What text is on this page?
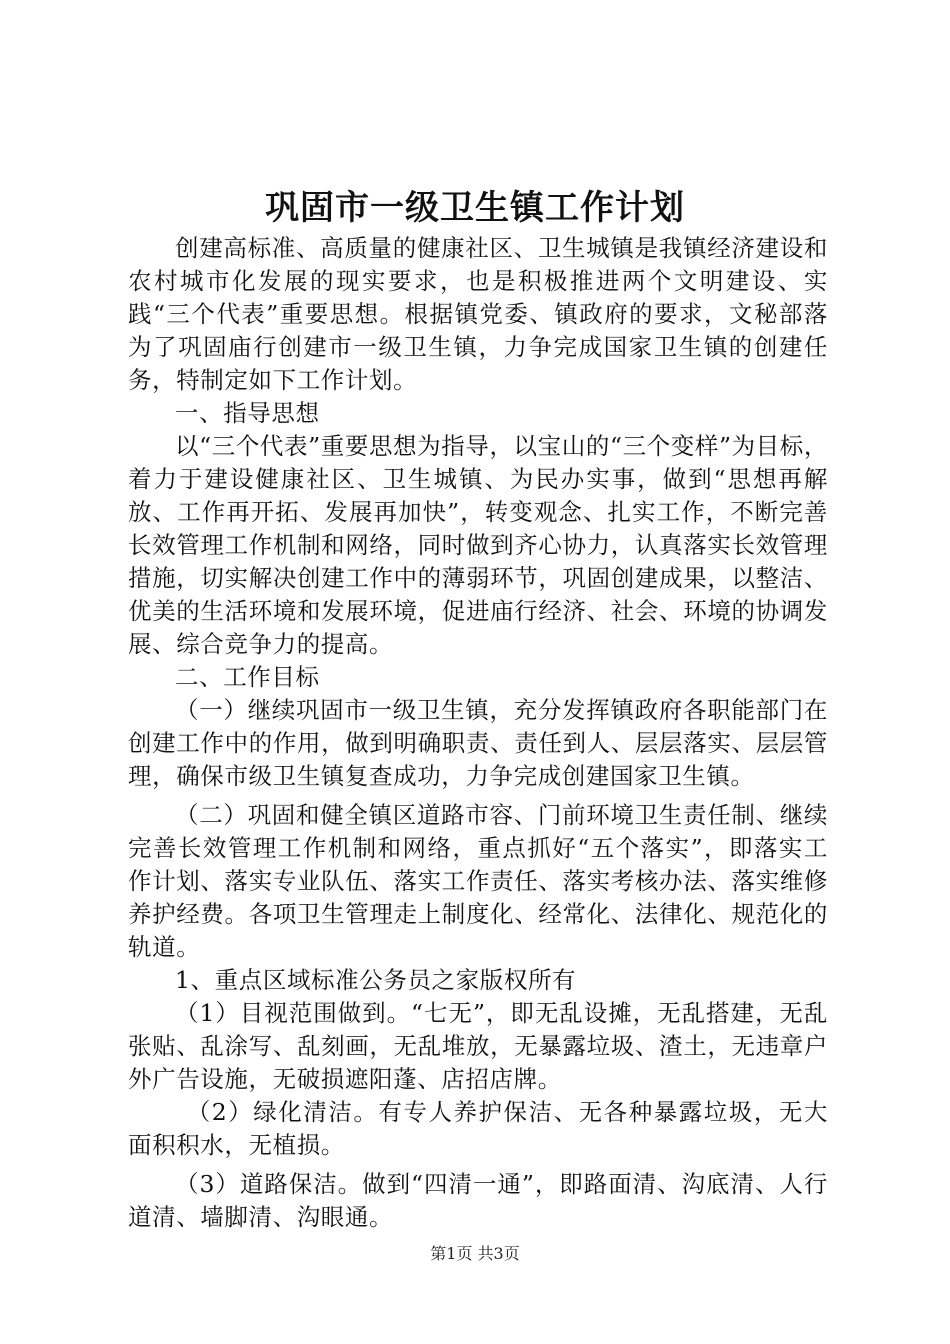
巩固市一级卫生镇工作计划

创建高标准、高质量的健康社区、卫生城镇是我镇经济建设和农村城市化发展的现实要求，也是积极推进两个文明建设、实践“三个代表”重要思想。根据镇党委、镇政府的要求，文秘部落为了巩固庙行创建市一级卫生镇，力争完成国家卫生镇的创建任务，特制定如下工作计划。

一、指导思想

以“三个代表”重要思想为指导，以宝山的“三个变样”为目标，着力于建设健康社区、卫生城镇、为民办实事，做到“思想再解放、工作再开拓、发展再加快”，转变观念、扎实工作，不断完善长效管理工作机制和网络，同时做到齐心协力，认真落实长效管理措施，切实解决创建工作中的薄弱环节，巩固创建成果，以整洁、优美的生活环境和发展环境，促进庙行经济、社会、环境的协调发展、综合竞争力的提高。

二、工作目标

（一）继续巩固市一级卫生镇，充分发挥镇政府各职能部门在创建工作中的作用，做到明确职责、责任到人、层层落实、层层管理，确保市级卫生镇复查成功，力争完成创建国家卫生镇。

（二）巩固和健全镇区道路市容、门前环境卫生责任制、继续完善长效管理工作机制和网络，重点抓好“五个落实”，即落实工作计划、落实专业队伍、落实工作责任、落实考核办法、落实维修养护经费。各项卫生管理走上制度化、经常化、法律化、规范化的轨道。

1、重点区域标准公务员之家版权所有

（1）目视范围做到。“七无”，即无乱设摊，无乱搭建，无乱张贴、乱涂写、乱刻画，无乱堆放，无暴露垃圾、渣土，无违章户外广告设施，无破损遮阳蓬、店招店牌。

（2）绿化清洁。有专人养护保洁、无各种暴露垃圾，无大面积积水，无植损。

（3）道路保洁。做到“四清一通”，即路面清、沟底清、人行道清、墙脚清、沟眼通。

第1页 共3页
